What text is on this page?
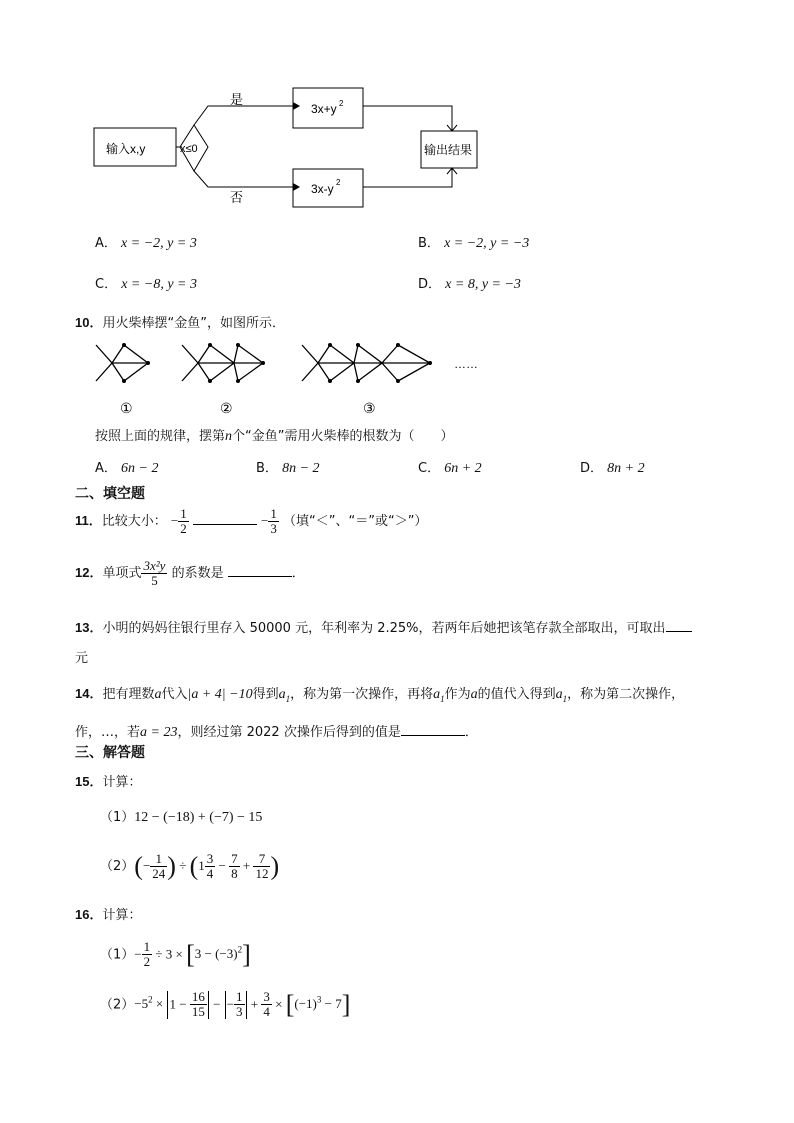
输入x,y	x≤0
是
否
3x+y 2
3x-y 2
输出结果
A． x = −2, y = 3	B． x = −2, y = −3
C． x = −8, y = 3	D． x = 8, y = −3
10．用火柴棒摆“金鱼”，如图所示．
……
①	②	③
按照上面的规律，摆第n个“金鱼”需用火柴棒的根数为（　　）
A． 6n − 2	B． 8n − 2	C． 6n + 2	D． 8n + 2
二、填空题
11．比较大小： − $\frac{1}{2}$	− $\frac{1}{3}$ （填“＜”、“＝”或“＞”）
12．单项式 $\frac{\text{3x²y}}{5}$ 的系数是	．
13．小明的妈妈往银行里存入 50000 元，年利率为 2.25%，若两年后她把该笔存款全部取出，可取出
元
14．把有理数a代入|a + 4| −10得到$a_1$，称为第一次操作，再将$a_1$作为a的值代入得到$a_1$，称为第二次操作，
作，…，若a = 23，则经过第 2022 次操作后得到的值是	．
三、解答题
15．计算：
（1）12 − (−18) + (−7) − 15
$(2)(- \frac{1}{24}$ ) ÷ ($1 \frac{3}{4} - \frac{7}{8} + \frac{7}{12}$ )
16．计算：
$(1)- \frac{1}{2} \div 3 \times [3 - (-3)^2]$
$(2)-5^2 \times 1 - \frac{16}{15}$ − − $\frac{1}{3} + \frac{3}{4} \times [(-1)^3 - 7]$
